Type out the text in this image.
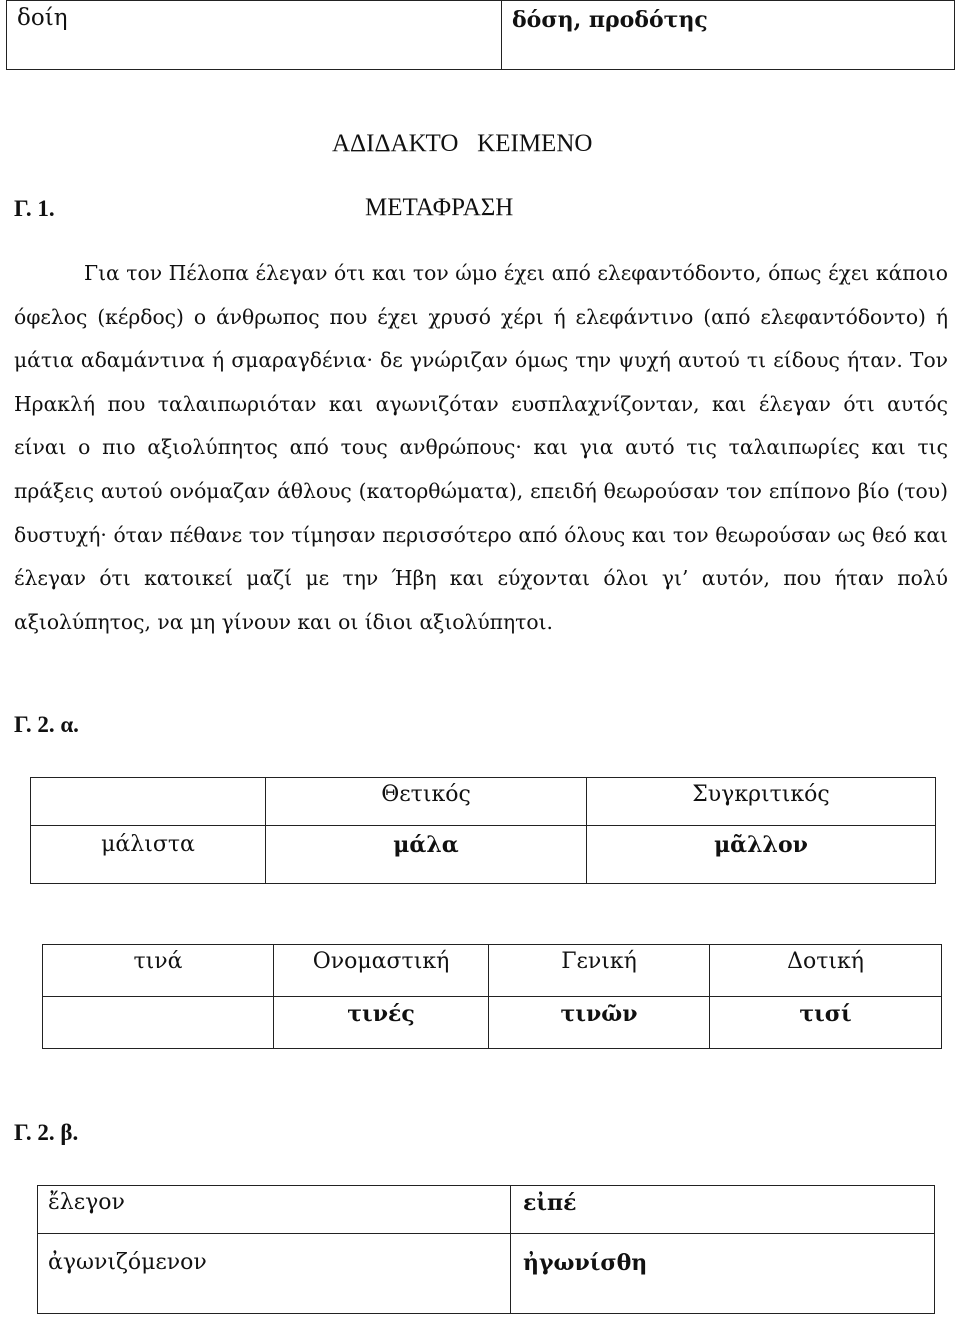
δοίη	δόση, προδότης
ΑΔΙΔΑΚΤΟ   ΚΕΙΜΕΝΟ
Γ. 1.	ΜΕΤΑΦΡΑΣΗ

Για τον Πέλοπα έλεγαν ότι και τον ώμο έχει από ελεφαντόδοντο, όπως έχει κάποιο όφελος (κέρδος) ο άνθρωπος που έχει χρυσό χέρι ή ελεφάντινο (από ελεφαντόδοντο) ή μάτια αδαμάντινα ή σμαραγδένια· δε γνώριζαν όμως την ψυχή αυτού τι είδους ήταν. Τον Ηρακλή που ταλαιπωριόταν και αγωνιζόταν ευσπλαχνίζονταν, και έλεγαν ότι αυτός είναι ο πιο αξιολύπητος από τους ανθρώπους· και για αυτό τις ταλαιπωρίες και τις πράξεις αυτού ονόμαζαν άθλους (κατορθώματα), επειδή θεωρούσαν τον επίπονο βίο (του) δυστυχή· όταν πέθανε τον τίμησαν περισσότερο από όλους και τον θεωρούσαν ως θεό και έλεγαν ότι κατοικεί μαζί με την Ήβη και εύχονται όλοι γι’ αυτόν, που ήταν πολύ αξιολύπητος, να μη γίνουν και οι ίδιοι αξιολύπητοι.

Γ. 2. α.
	Θετικός	Συγκριτικός
μάλιστα	μάλα	μᾶλλον
τινά	Ονομαστική	Γενική	Δοτική
	τινές	τινῶν	τισί
Γ. 2. β.
ἔλεγον	εἰπέ
ἀγωνιζόμενον	ἠγωνίσθη
